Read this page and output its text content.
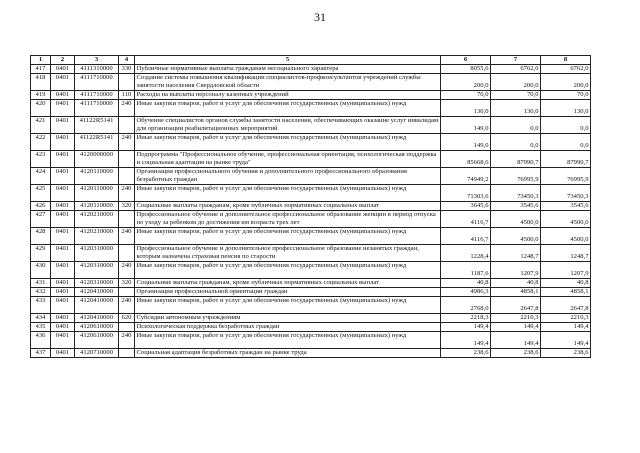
31
1	2	3	4	5	6	7	8
417	0401	4111310000	330	Публичные нормативные выплаты гражданам несоциального характера	8055,6	6762,0	6762,0
418	0401	4111710000		Создание системы повышения квалификации специалистов-профконсультантов учреждений службы занятости населения Свердловской области	200,0	200,0	200,0
419	0401	4111710000	110	Расходы на выплаты персоналу казенных учреждений	70,0	70,0	70,0
420	0401	4111710000	240	Иные закупки товаров, работ и услуг для обеспечения государственных (муниципальных) нужд	130,0	130,0	130,0
421	0401	41122R5141		Обучение специалистов органов службы занятости населения, обеспечивающих оказание услуг инвалидам для организации реабилитационных мероприятий	149,0	0,0	0,0
422	0401	41122R5141	240	Иные закупки товаров, работ и услуг для обеспечения государственных (муниципальных) нужд	149,0	0,0	0,0
423	0401	4120000000		Подпрограмма "Профессиональное обучение, профессиональная ориентация, психологическая поддержка и социальная адаптация на рынке труда"	85668,6	87990,7	87990,7
424	0401	4120110000		Организация профессионального обучения и дополнительного профессионального образования безработных граждан	74949,2	76995,9	76995,9
425	0401	4120110000	240	Иные закупки товаров, работ и услуг для обеспечения государственных (муниципальных) нужд	71303,6	73450,3	73450,3
426	0401	4120110000	320	Социальные выплаты гражданам, кроме публичных нормативных социальных выплат	3645,6	3545,6	3545,6
427	0401	4120210000		Профессиональное обучение и дополнительное профессиональное образование женщин в период отпуска по уходу за ребенком до достижения им возраста трех лет	4116,7	4500,0	4500,0
428	0401	4120210000	240	Иные закупки товаров, работ и услуг для обеспечения государственных (муниципальных) нужд	4116,7	4500,0	4500,0
429	0401	4120310000		Профессиональное обучение и дополнительное профессиональное образование незанятых граждан, которым назначена страховая пенсия по старости	1228,4	1248,7	1248,7
430	0401	4120310000	240	Иные закупки товаров, работ и услуг для обеспечения государственных (муниципальных) нужд	1187,6	1207,9	1207,9
431	0401	4120310000	320	Социальные выплаты гражданам, кроме публичных нормативных социальных выплат	40,8	40,8	40,8
432	0401	4120410000		Организация профессиональной ориентации граждан	4986,3	4858,1	4858,1
433	0401	4120410000	240	Иные закупки товаров, работ и услуг для обеспечения государственных (муниципальных) нужд	2768,0	2647,8	2647,8
434	0401	4120410000	620	Субсидии автономным учреждениям	2218,3	2210,3	2210,3
435	0401	4120610000		Психологическая поддержка безработных граждан	149,4	149,4	149,4
436	0401	4120610000	240	Иные закупки товаров, работ и услуг для обеспечения государственных (муниципальных) нужд	149,4	149,4	149,4
437	0401	4120710000		Социальная адаптация безработных граждан на рынке труда	238,6	238,6	238,6
